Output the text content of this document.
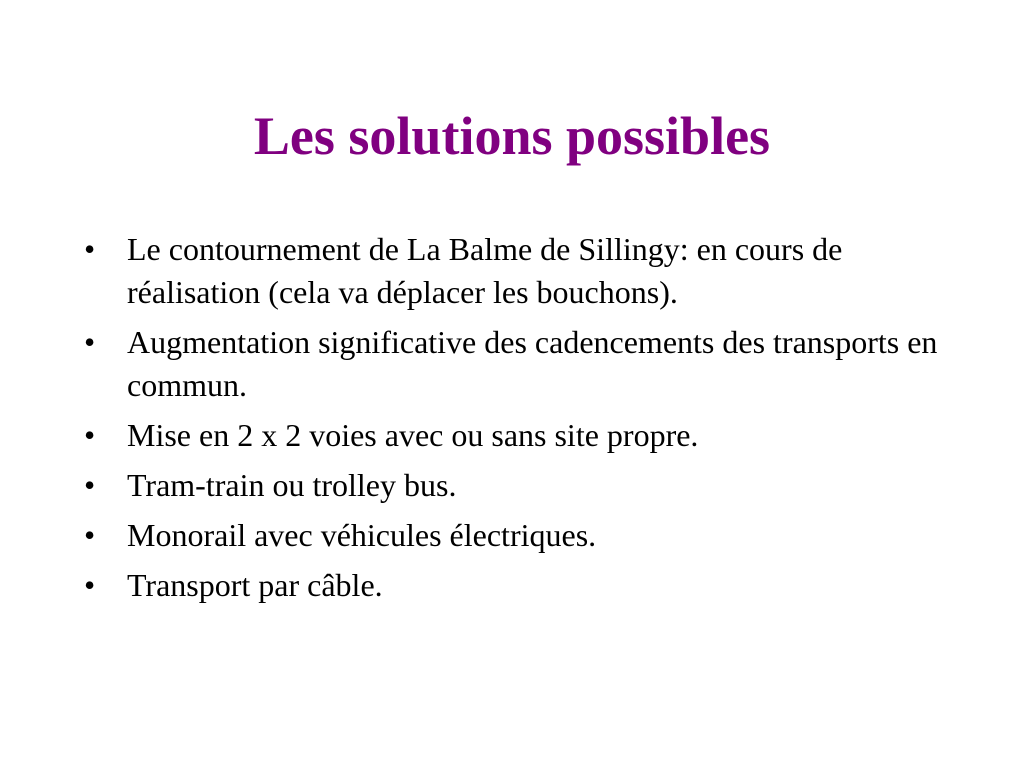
Les solutions possibles
• Le contournement de La Balme de Sillingy: en cours de réalisation (cela va déplacer les bouchons).
• Augmentation significative des cadencements des transports en commun.
• Mise en 2 x 2 voies avec ou sans site propre.
• Tram-train ou trolley bus.
• Monorail avec véhicules électriques.
• Transport par câble.
